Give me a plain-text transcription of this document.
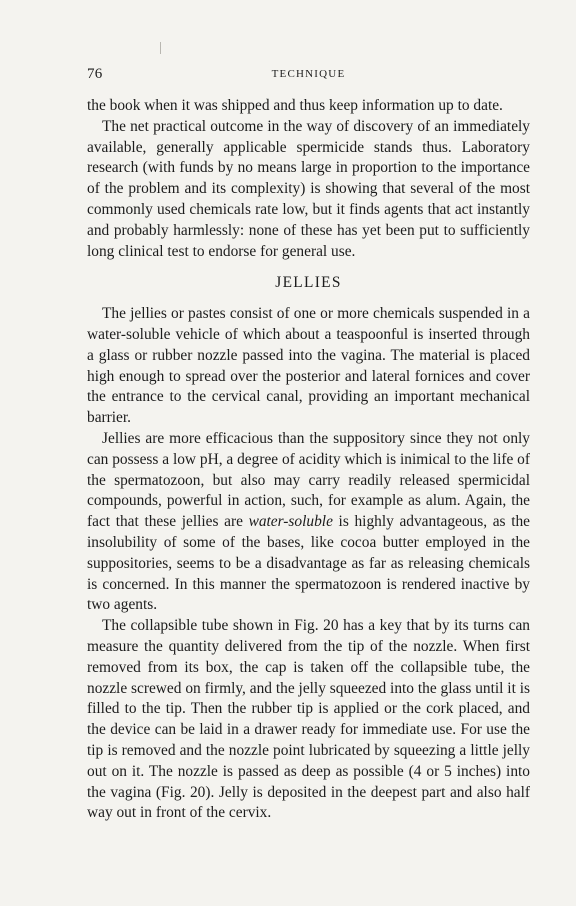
76	TECHNIQUE

the book when it was shipped and thus keep information up to date.

The net practical outcome in the way of discovery of an immediately available, generally applicable spermicide stands thus. Laboratory research (with funds by no means large in proportion to the importance of the problem and its complexity) is showing that several of the most commonly used chemicals rate low, but it finds agents that act instantly and probably harmlessly: none of these has yet been put to sufficiently long clinical test to endorse for general use.

JELLIES

The jellies or pastes consist of one or more chemicals suspended in a water-soluble vehicle of which about a teaspoonful is inserted through a glass or rubber nozzle passed into the vagina. The material is placed high enough to spread over the posterior and lateral fornices and cover the entrance to the cervical canal, providing an important mechanical barrier.

Jellies are more efficacious than the suppository since they not only can possess a low pH, a degree of acidity which is inimical to the life of the spermatozoon, but also may carry readily released spermicidal compounds, powerful in action, such, for example as alum. Again, the fact that these jellies are water-soluble is highly advantageous, as the insolubility of some of the bases, like cocoa butter employed in the suppositories, seems to be a disadvantage as far as releasing chemicals is concerned. In this manner the spermatozoon is rendered inactive by two agents.

The collapsible tube shown in Fig. 20 has a key that by its turns can measure the quantity delivered from the tip of the nozzle. When first removed from its box, the cap is taken off the collapsible tube, the nozzle screwed on firmly, and the jelly squeezed into the glass until it is filled to the tip. Then the rubber tip is applied or the cork placed, and the device can be laid in a drawer ready for immediate use. For use the tip is removed and the nozzle point lubricated by squeezing a little jelly out on it. The nozzle is passed as deep as possible (4 or 5 inches) into the vagina (Fig. 20). Jelly is deposited in the deepest part and also half way out in front of the cervix.
